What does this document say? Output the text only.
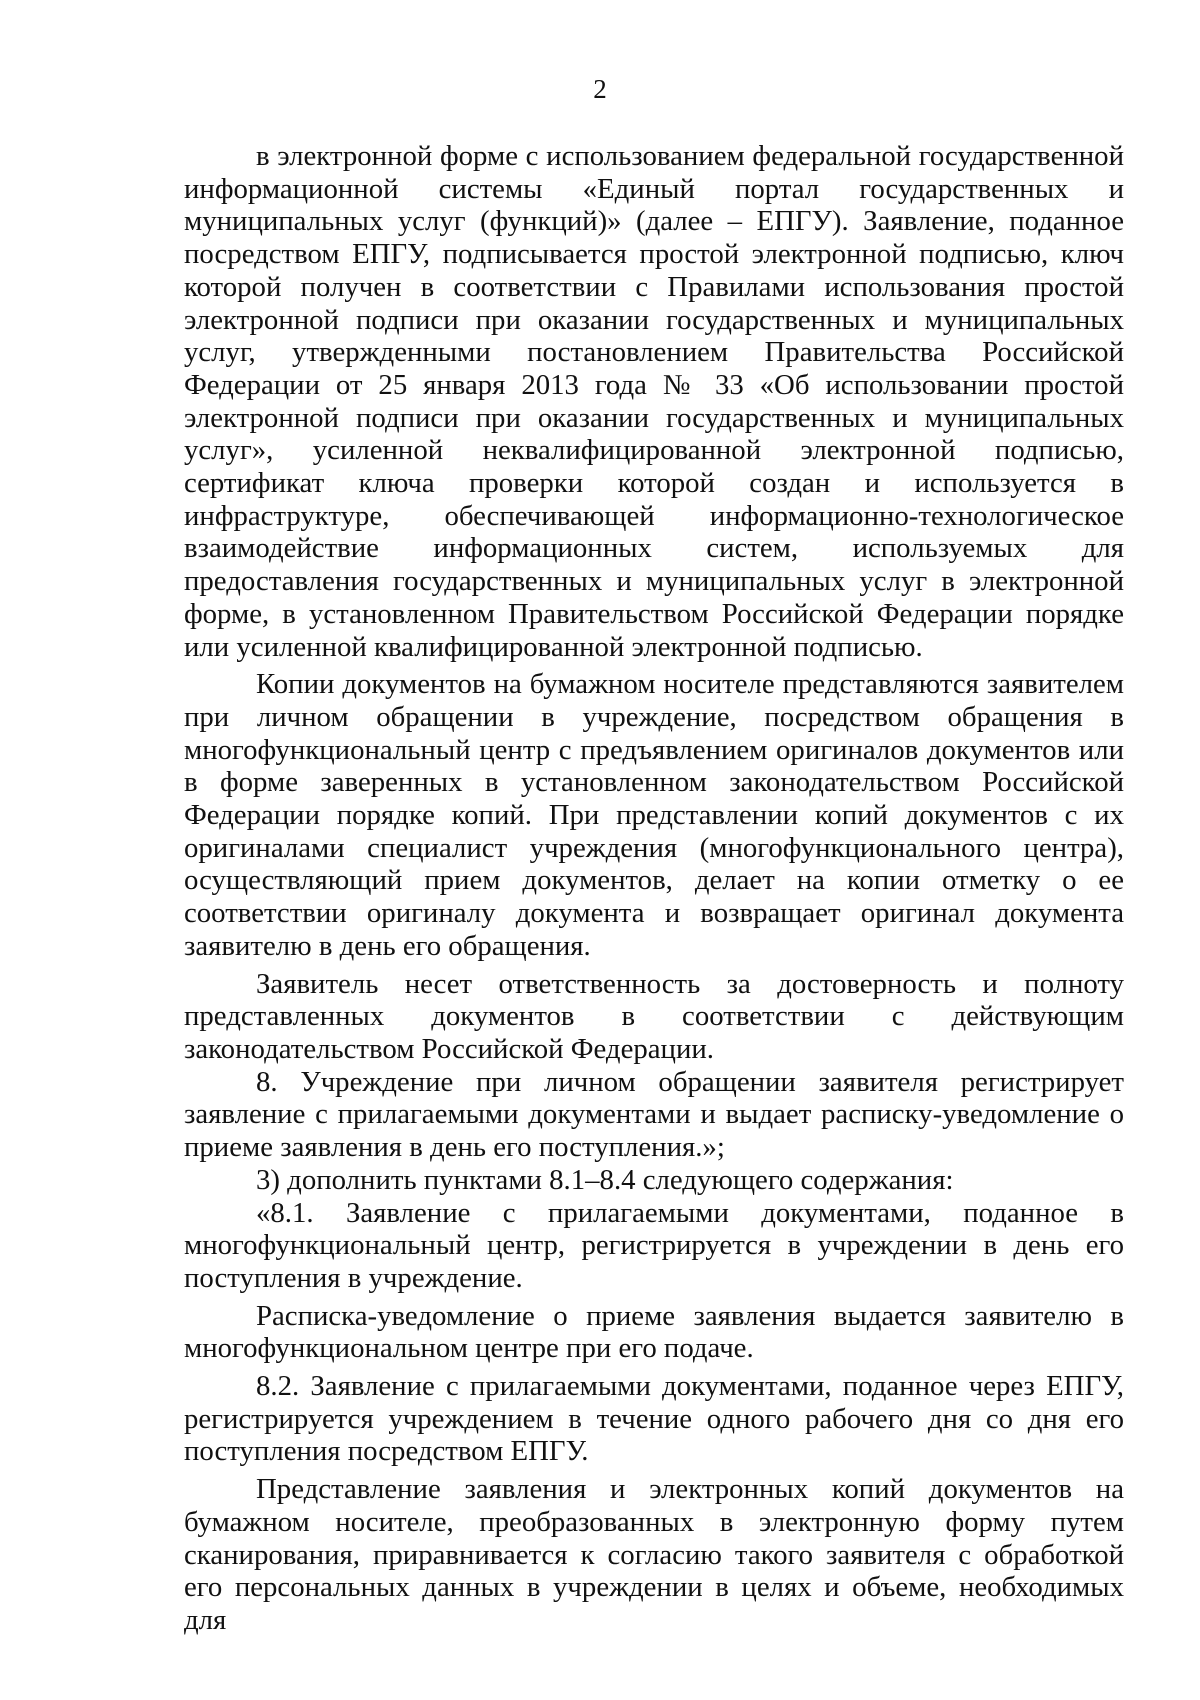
2

в электронной форме с использованием федеральной государственной информационной системы «Единый портал государственных и муниципальных услуг (функций)» (далее – ЕПГУ). Заявление, поданное посредством ЕПГУ, подписывается простой электронной подписью, ключ которой получен в соответствии с Правилами использования простой электронной подписи при оказании государственных и муниципальных услуг, утвержденными постановлением Правительства Российской Федерации от 25 января 2013 года № 33 «Об использовании простой электронной подписи при оказании государственных и муниципальных услуг», усиленной неквалифицированной электронной подписью, сертификат ключа проверки которой создан и используется в инфраструктуре, обеспечивающей информационно-технологическое взаимодействие информационных систем, используемых для предоставления государственных и муниципальных услуг в электронной форме, в установленном Правительством Российской Федерации порядке или усиленной квалифицированной электронной подписью.

Копии документов на бумажном носителе представляются заявителем при личном обращении в учреждение, посредством обращения в многофункциональный центр с предъявлением оригиналов документов или в форме заверенных в установленном законодательством Российской Федерации порядке копий. При представлении копий документов с их оригиналами специалист учреждения (многофункционального центра), осуществляющий прием документов, делает на копии отметку о ее соответствии оригиналу документа и возвращает оригинал документа заявителю в день его обращения.

Заявитель несет ответственность за достоверность и полноту представленных документов в соответствии с действующим законодательством Российской Федерации.

8. Учреждение при личном обращении заявителя регистрирует заявление с прилагаемыми документами и выдает расписку-уведомление о приеме заявления в день его поступления.»;

3) дополнить пунктами 8.1–8.4 следующего содержания:

«8.1. Заявление с прилагаемыми документами, поданное в многофункциональный центр, регистрируется в учреждении в день его поступления в учреждение.

Расписка-уведомление о приеме заявления выдается заявителю в многофункциональном центре при его подаче.

8.2. Заявление с прилагаемыми документами, поданное через ЕПГУ, регистрируется учреждением в течение одного рабочего дня со дня его поступления посредством ЕПГУ.

Представление заявления и электронных копий документов на бумажном носителе, преобразованных в электронную форму путем сканирования, приравнивается к согласию такого заявителя с обработкой его персональных данных в учреждении в целях и объеме, необходимых для
